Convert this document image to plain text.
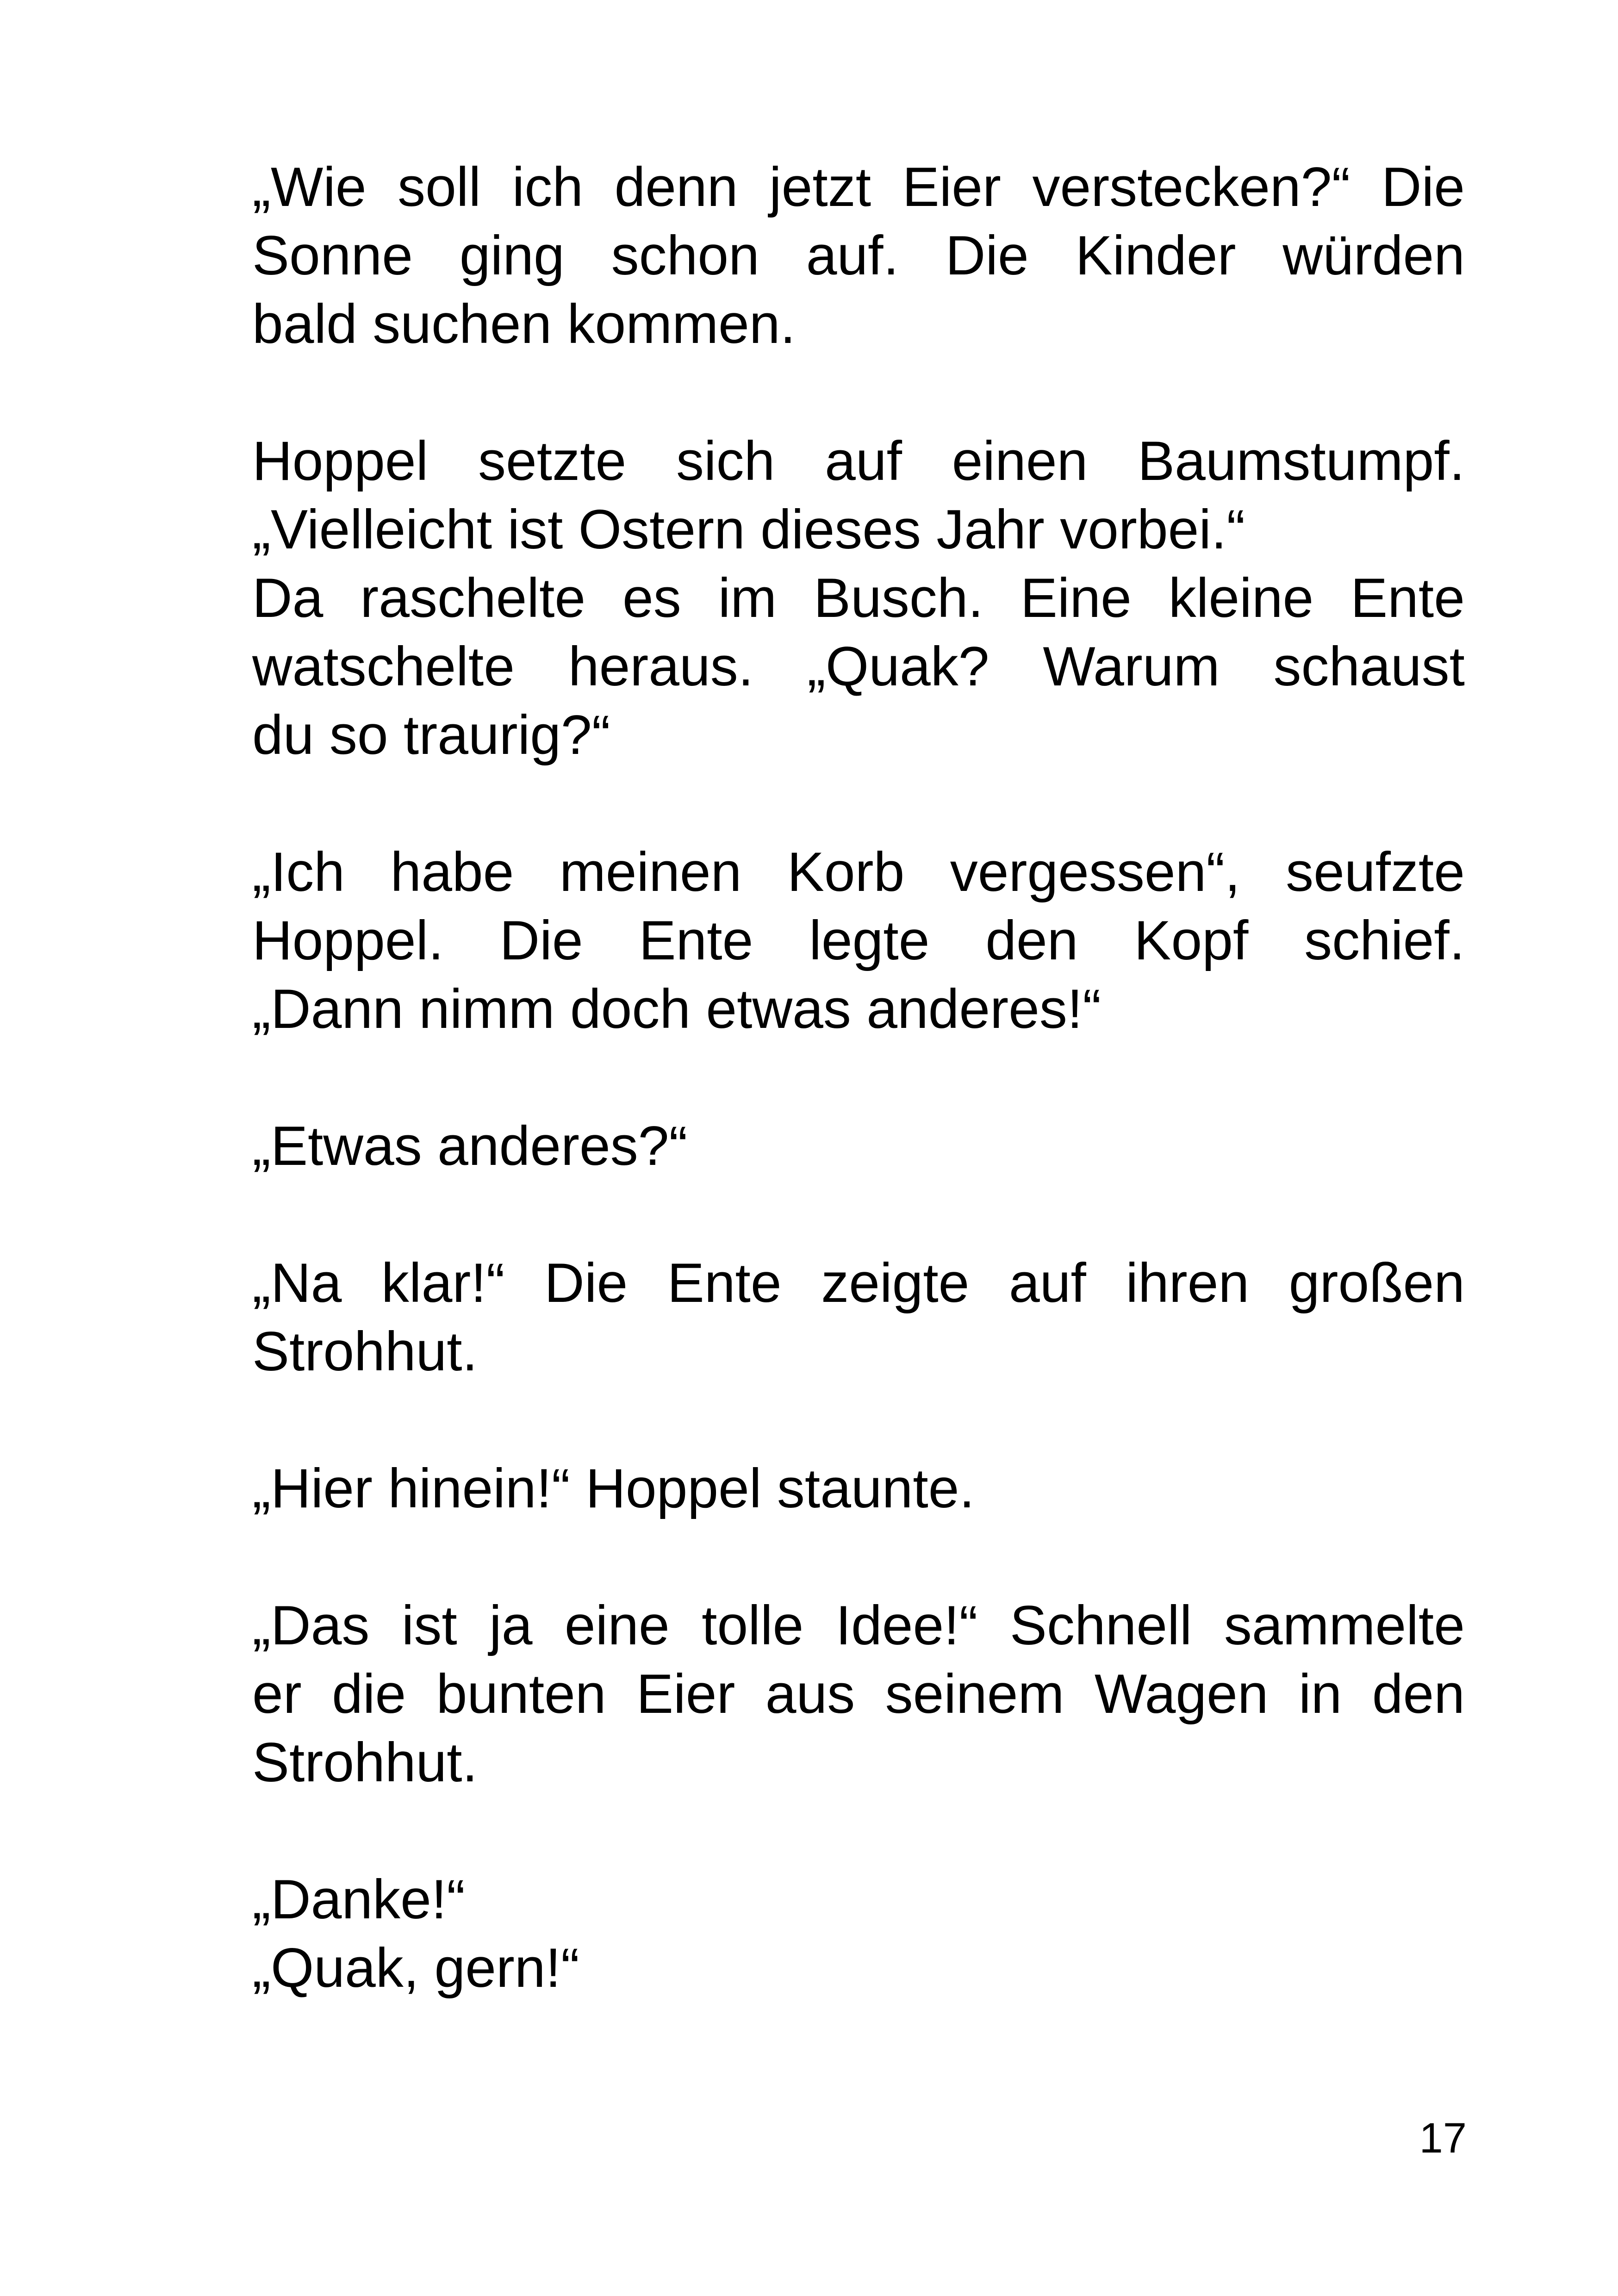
„Wie soll ich denn jetzt Eier verstecken?“ Die
Sonne ging schon auf. Die Kinder würden
bald suchen kommen.

Hoppel setzte sich auf einen Baumstumpf.
„Vielleicht ist Ostern dieses Jahr vorbei.“
Da raschelte es im Busch. Eine kleine Ente
watschelte heraus. „Quak? Warum schaust
du so traurig?“

„Ich habe meinen Korb vergessen“, seufzte
Hoppel. Die Ente legte den Kopf schief.
„Dann nimm doch etwas anderes!“

„Etwas anderes?“

„Na klar!“ Die Ente zeigte auf ihren großen
Strohhut.

„Hier hinein!“ Hoppel staunte.

„Das ist ja eine tolle Idee!“ Schnell sammelte
er die bunten Eier aus seinem Wagen in den
Strohhut.

„Danke!“
„Quak, gern!“

17
